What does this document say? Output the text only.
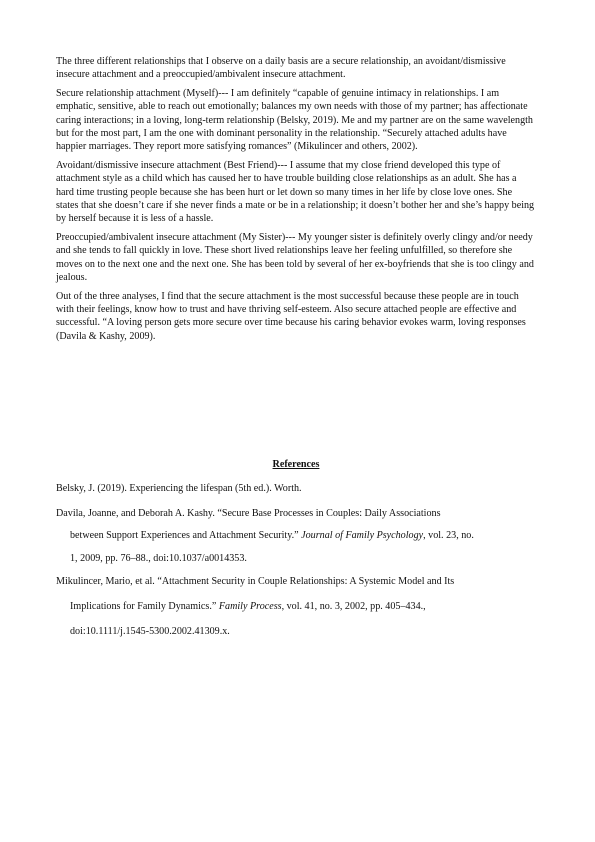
The three different relationships that I observe on a daily basis are a secure relationship, an avoidant/dismissive insecure attachment and a preoccupied/ambivalent insecure attachment.

Secure relationship attachment (Myself)--- I am definitely “capable of genuine intimacy in relationships. I am emphatic, sensitive, able to reach out emotionally; balances my own needs with those of my partner; has affectionate caring interactions; in a loving, long-term relationship (Belsky, 2019). Me and my partner are on the same wavelength but for the most part, I am the one with dominant personality in the relationship. “Securely attached adults have happier marriages. They report more satisfying romances” (Mikulincer and others, 2002).

Avoidant/dismissive insecure attachment (Best Friend)--- I assume that my close friend developed this type of attachment style as a child which has caused her to have trouble building close relationships as an adult. She has a hard time trusting people because she has been hurt or let down so many times in her life by close love ones. She states that she doesn’t care if she never finds a mate or be in a relationship; it doesn’t bother her and she’s happy being by herself because it is less of a hassle.

Preoccupied/ambivalent insecure attachment (My Sister)--- My younger sister is definitely overly clingy and/or needy and she tends to fall quickly in love. These short lived relationships leave her feeling unfulfilled, so therefore she moves on to the next one and the next one. She has been told by several of her ex-boyfriends that she is too clingy and jealous.

Out of the three analyses, I find that the secure attachment is the most successful because these people are in touch with their feelings, know how to trust and have thriving self-esteem. Also secure attached people are effective and successful. “A loving person gets more secure over time because his caring behavior evokes warm, loving responses (Davila & Kashy, 2009).

References

Belsky, J. (2019). Experiencing the lifespan (5th ed.). Worth.

Davila, Joanne, and Deborah A. Kashy. “Secure Base Processes in Couples: Daily Associations
between Support Experiences and Attachment Security.” Journal of Family Psychology, vol. 23, no.
1, 2009, pp. 76–88., doi:10.1037/a0014353.

Mikulincer, Mario, et al. “Attachment Security in Couple Relationships: A Systemic Model and Its
Implications for Family Dynamics.” Family Process, vol. 41, no. 3, 2002, pp. 405–434.,
doi:10.1111/j.1545-5300.2002.41309.x.
